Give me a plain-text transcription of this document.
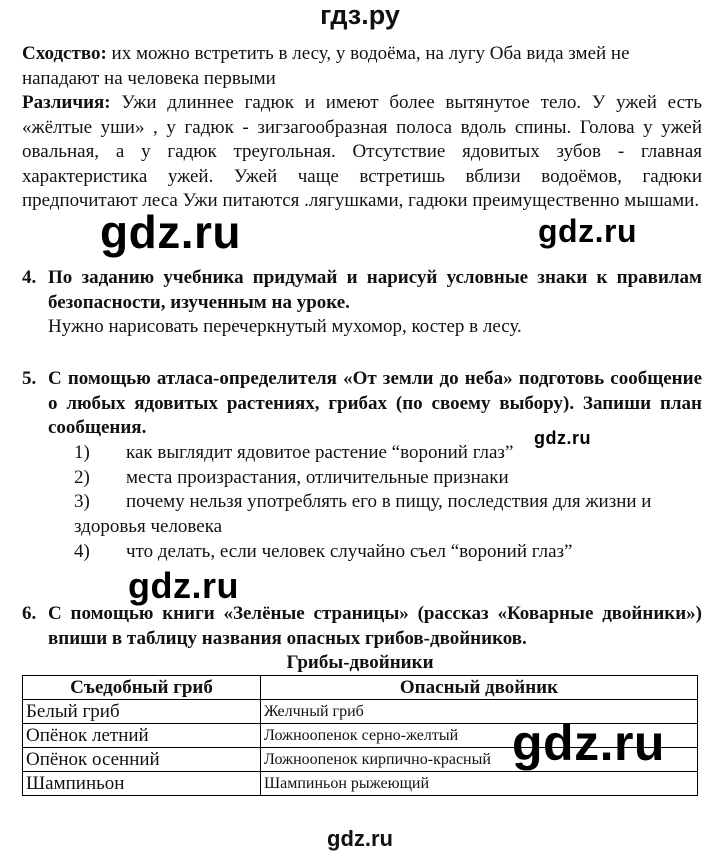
гдз.ру
Сходство: их можно встретить в лесу, у водоёма, на лугу Оба вида змей не
нападают на человека первыми
Различия: Ужи длиннее гадюк и имеют более вытянутое тело. У ужей есть «жёлтые уши» , у гадюк - зигзагообразная полоса вдоль спины. Голова у ужей овальная, а у гадюк треугольная. Отсутствие ядовитых зубов - главная характеристика ужей. Ужей чаще встретишь вблизи водоёмов, гадюки предпочитают леса Ужи питаются .лягушками, гадюки преимущественно мышами.
gdz.ru	gdz.ru
4. По заданию учебника придумай и нарисуй условные знаки к правилам безопасности, изученным на уроке.
Нужно нарисовать перечеркнутый мухомор, костер в лесу.
5. С помощью атласа-определителя «От земли до неба» подготовь сообщение о любых ядовитых растениях, грибах (по своему выбору). Запиши план сообщения.
1) как выглядит ядовитое растение “вороний глаз”
2) места произрастания, отличительные признаки
3) почему нельзя употреблять его в пищу, последствия для жизни и
здоровья человека
4) что делать, если человек случайно съел “вороний глаз”
gdz.ru
gdz.ru
6. С помощью книги «Зелёные страницы» (рассказ «Коварные двойники») впиши в таблицу названия опасных грибов-двойников.
Грибы-двойники
Съедобный гриб	Опасный двойник
Белый гриб	Желчный гриб
Опёнок летний	Ложноопенок серно-желтый
Опёнок осенний	Ложноопенок кирпично-красный
Шампиньон	Шампиньон рыжеющий
gdz.ru
gdz.ru
